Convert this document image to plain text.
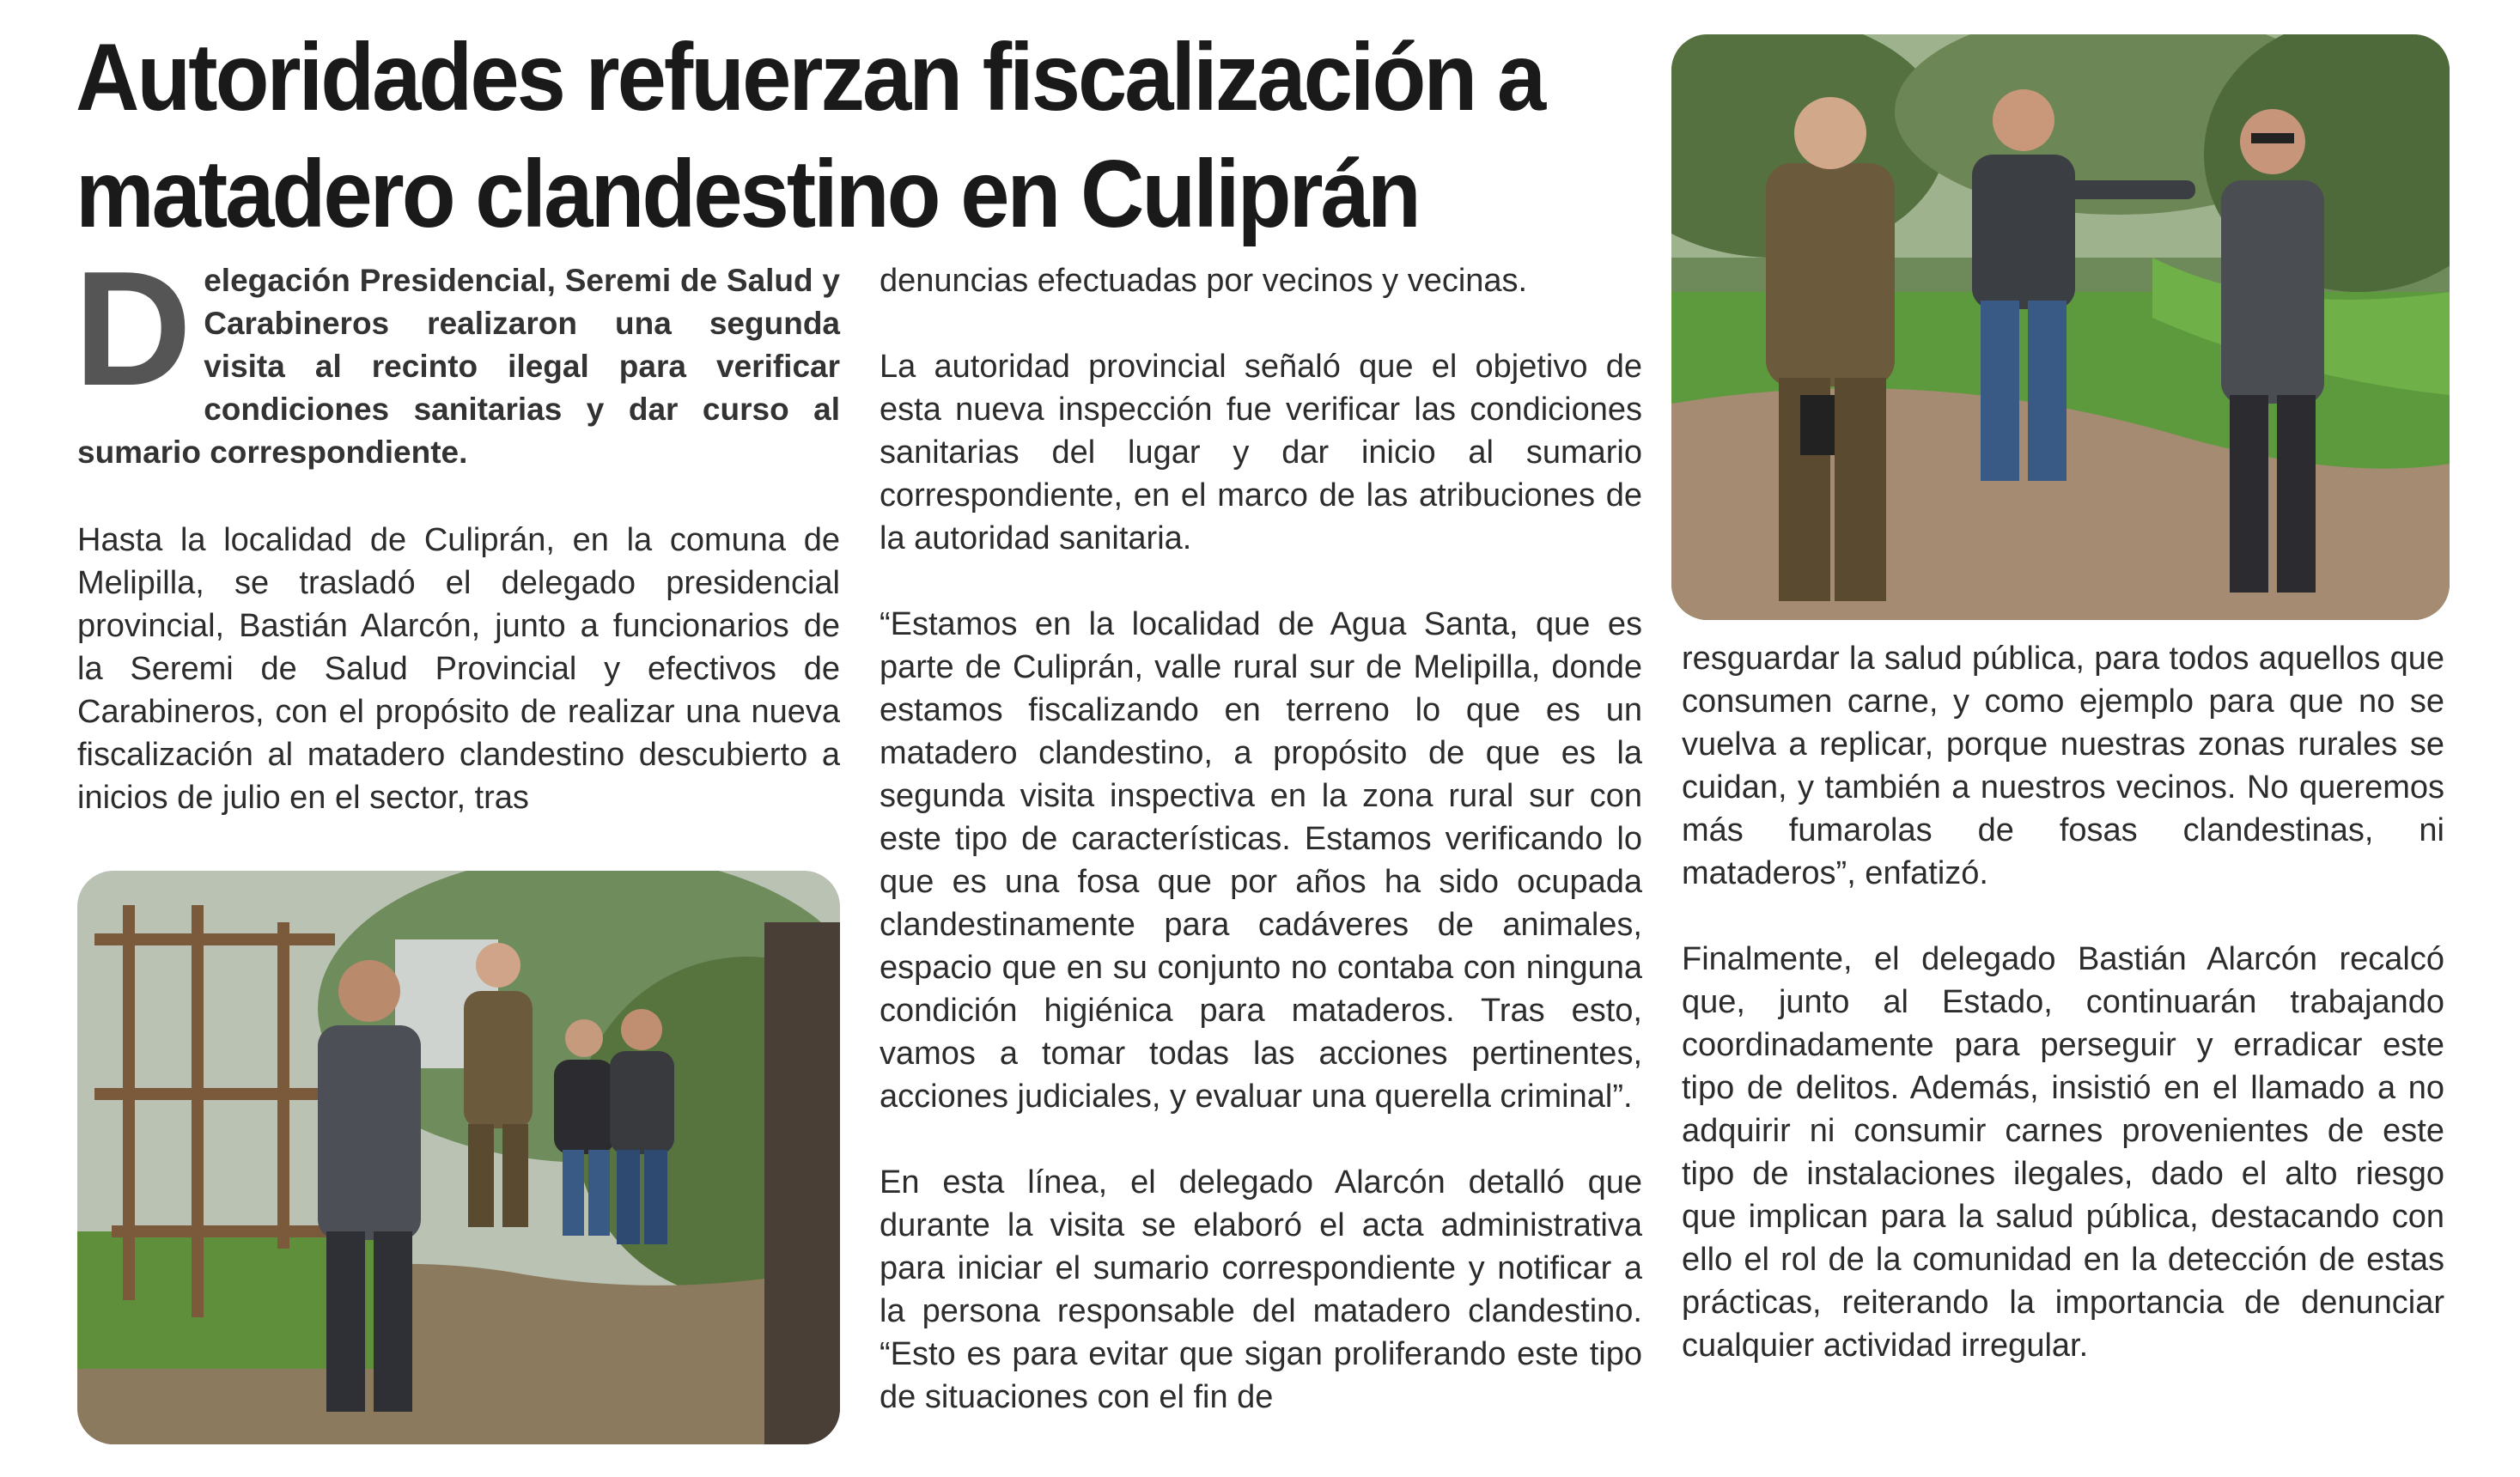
Autoridades refuerzan fiscalización a matadero clandestino en Culiprán

Delegación Presidencial, Seremi de Salud y Carabineros realizaron una segunda visita al recinto ilegal para verificar condiciones sanitarias y dar curso al sumario correspondiente.

Hasta la localidad de Culiprán, en la comuna de Melipilla, se trasladó el delegado presidencial provincial, Bastián Alarcón, junto a funcionarios de la Seremi de Salud Provincial y efectivos de Carabineros, con el propósito de realizar una nueva fiscalización al matadero clandestino descubierto a inicios de julio en el sector, tras

denuncias efectuadas por vecinos y vecinas.

La autoridad provincial señaló que el objetivo de esta nueva inspección fue verificar las condiciones sanitarias del lugar y dar inicio al sumario correspondiente, en el marco de las atribuciones de la autoridad sanitaria.

“Estamos en la localidad de Agua Santa, que es parte de Culiprán, valle rural sur de Melipilla, donde estamos fiscalizando en terreno lo que es un matadero clandestino, a propósito de que es la segunda visita inspectiva en la zona rural sur con este tipo de características. Estamos verificando lo que es una fosa que por años ha sido ocupada clandestinamente para cadáveres de animales, espacio que en su conjunto no contaba con ninguna condición higiénica para mataderos. Tras esto, vamos a tomar todas las acciones pertinentes, acciones judiciales, y evaluar una querella criminal”.

En esta línea, el delegado Alarcón detalló que durante la visita se elaboró el acta administrativa para iniciar el sumario correspondiente y notificar a la persona responsable del matadero clandestino. “Esto es para evitar que sigan proliferando este tipo de situaciones con el fin de

resguardar la salud pública, para todos aquellos que consumen carne, y como ejemplo para que no se vuelva a replicar, porque nuestras zonas rurales se cuidan, y también a nuestros vecinos. No queremos más fumarolas de fosas clandestinas, ni mataderos”, enfatizó.

Finalmente, el delegado Bastián Alarcón recalcó que, junto al Estado, continuarán trabajando coordinadamente para perseguir y erradicar este tipo de delitos. Además, insistió en el llamado a no adquirir ni consumir carnes provenientes de este tipo de instalaciones ilegales, dado el alto riesgo que implican para la salud pública, destacando con ello el rol de la comunidad en la detección de estas prácticas, reiterando la importancia de denunciar cualquier actividad irregular.
